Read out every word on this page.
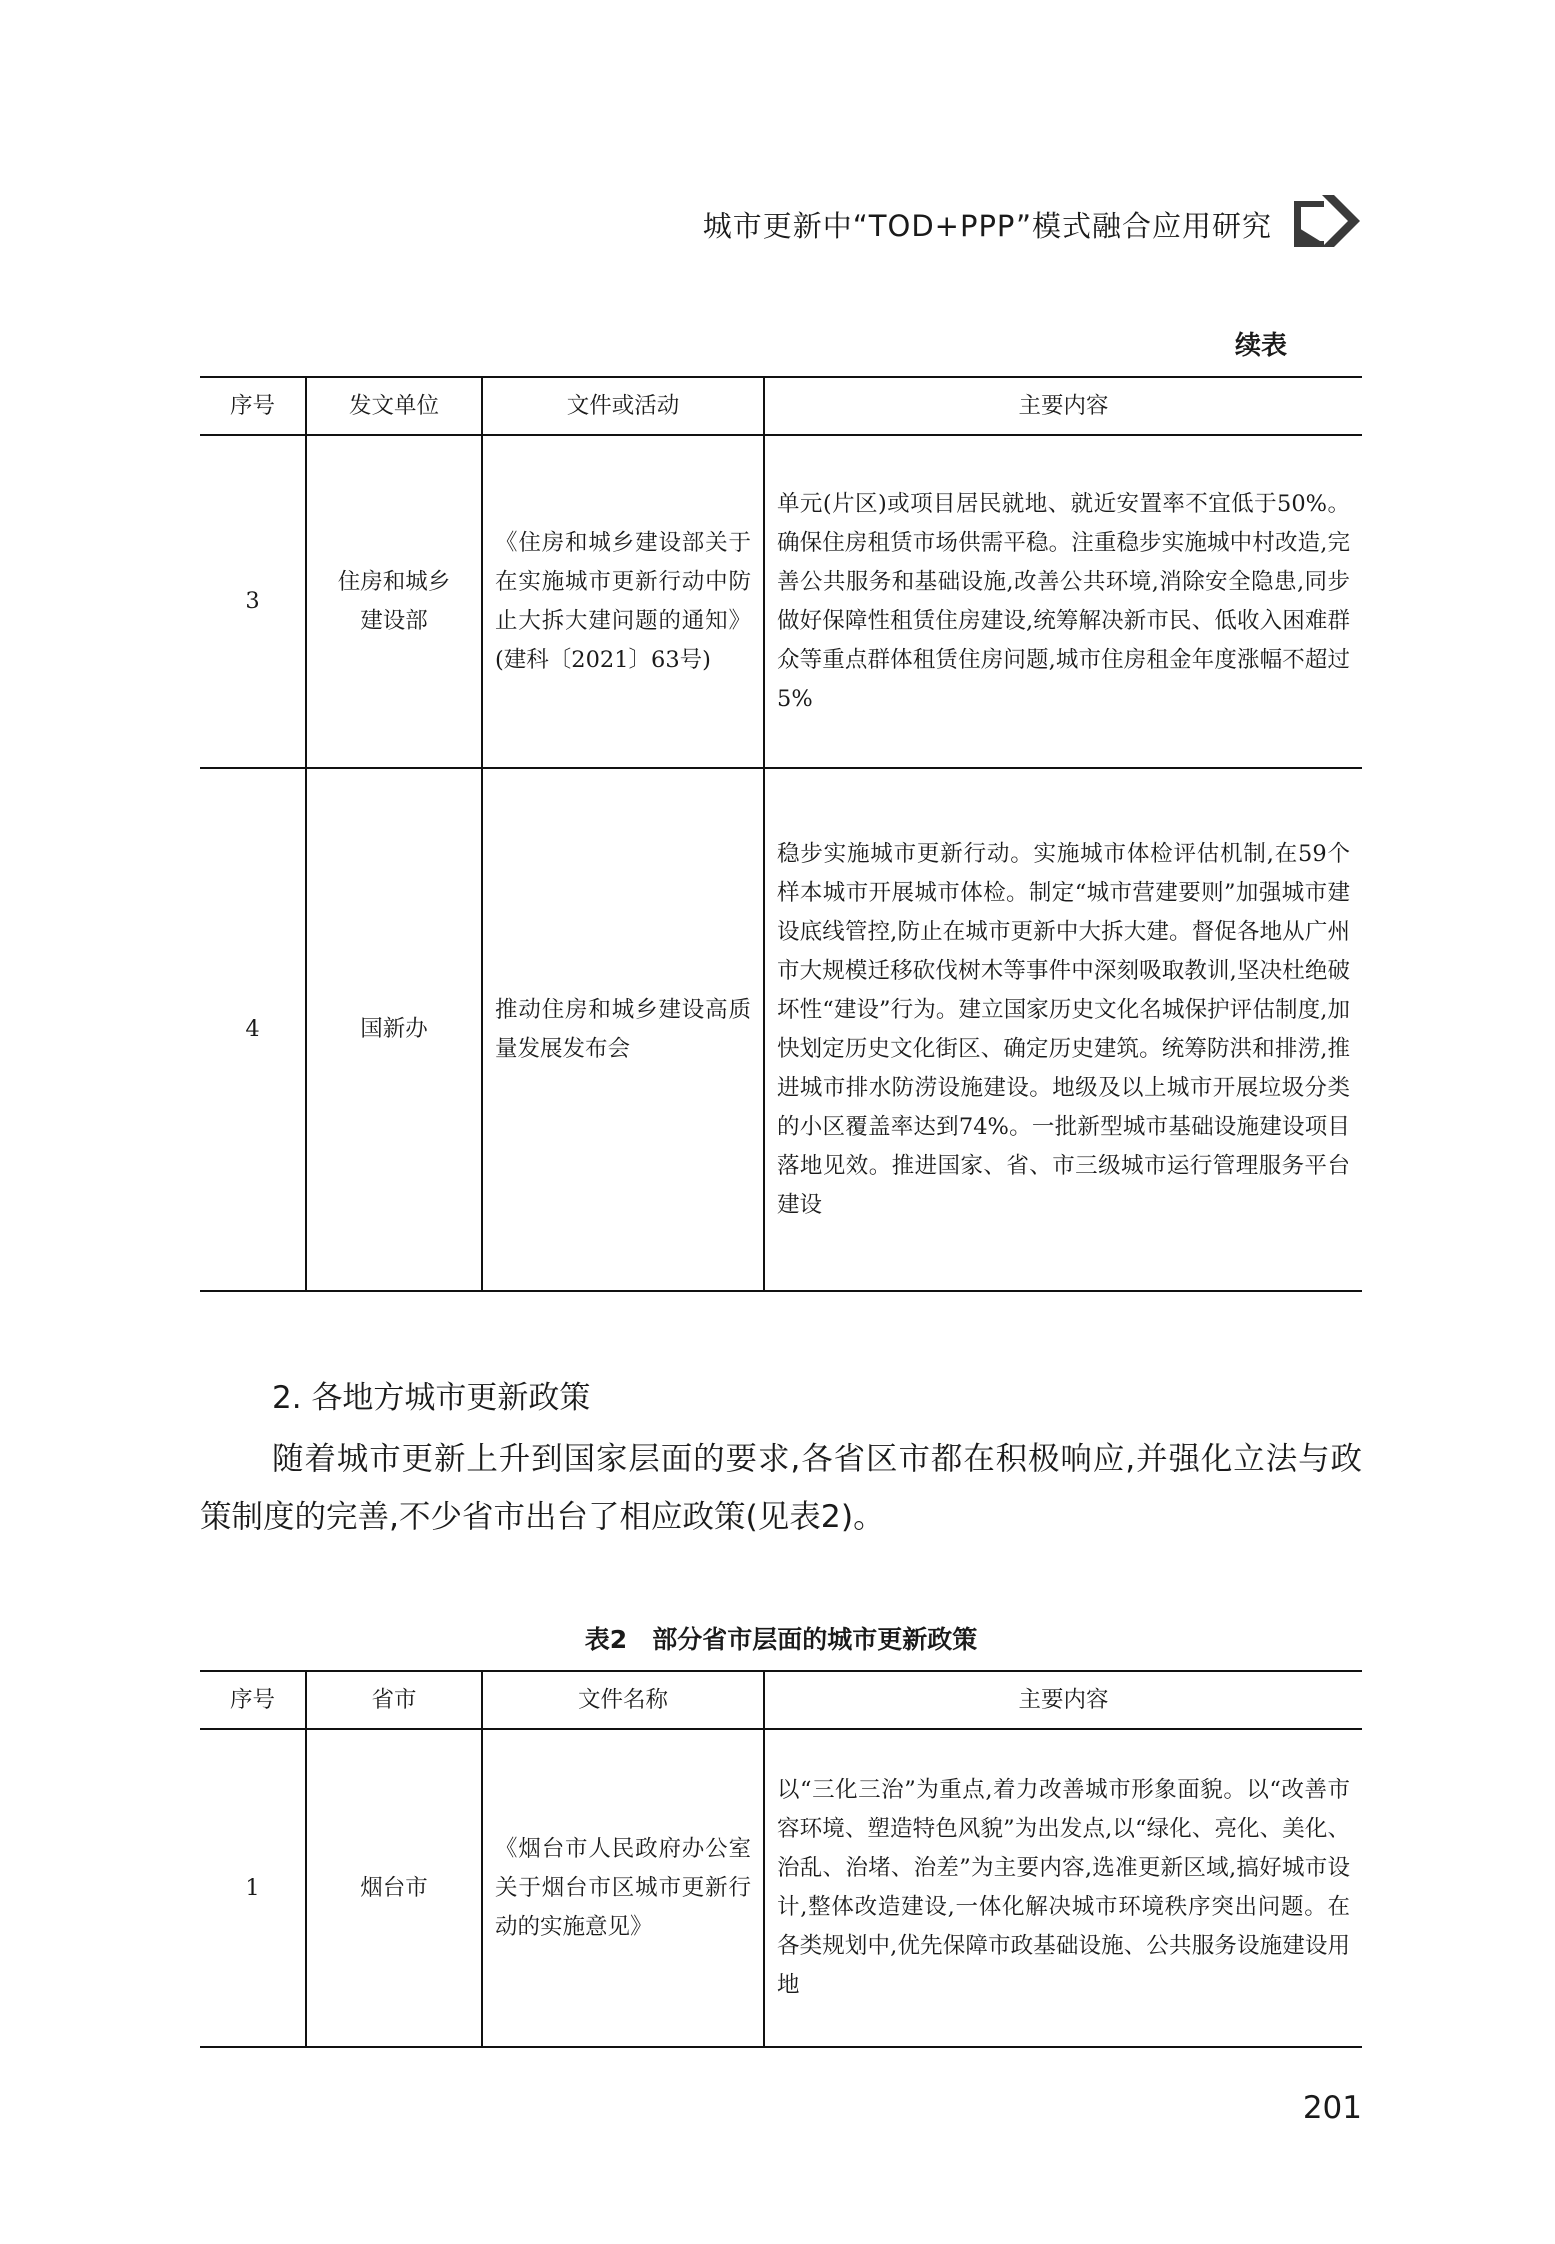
城市更新中“TOD+PPP”模式融合应用研究
续表
序号	发文单位	文件或活动	主要内容
3	住房和城乡建设部	《住房和城乡建设部关于在实施城市更新行动中防止大拆大建问题的通知》(建科〔2021〕63号)	单元(片区)或项目居民就地、就近安置率不宜低于50%。确保住房租赁市场供需平稳。注重稳步实施城中村改造,完善公共服务和基础设施,改善公共环境,消除安全隐患,同步做好保障性租赁住房建设,统筹解决新市民、低收入困难群众等重点群体租赁住房问题,城市住房租金年度涨幅不超过5%
4	国新办	推动住房和城乡建设高质量发展发布会	稳步实施城市更新行动。实施城市体检评估机制,在59个样本城市开展城市体检。制定“城市营建要则”加强城市建设底线管控,防止在城市更新中大拆大建。督促各地从广州市大规模迁移砍伐树木等事件中深刻吸取教训,坚决杜绝破坏性“建设”行为。建立国家历史文化名城保护评估制度,加快划定历史文化街区、确定历史建筑。统筹防洪和排涝,推进城市排水防涝设施建设。地级及以上城市开展垃圾分类的小区覆盖率达到74%。一批新型城市基础设施建设项目落地见效。推进国家、省、市三级城市运行管理服务平台建设
2. 各地方城市更新政策

随着城市更新上升到国家层面的要求,各省区市都在积极响应,并强化立法与政策制度的完善,不少省市出台了相应政策(见表2)。

表2　部分省市层面的城市更新政策
序号	省市	文件名称	主要内容
1	烟台市	《烟台市人民政府办公室关于烟台市区城市更新行动的实施意见》	以“三化三治”为重点,着力改善城市形象面貌。以“改善市容环境、塑造特色风貌”为出发点,以“绿化、亮化、美化、治乱、治堵、治差”为主要内容,选准更新区域,搞好城市设计,整体改造建设,一体化解决城市环境秩序突出问题。在各类规划中,优先保障市政基础设施、公共服务设施建设用地
201
